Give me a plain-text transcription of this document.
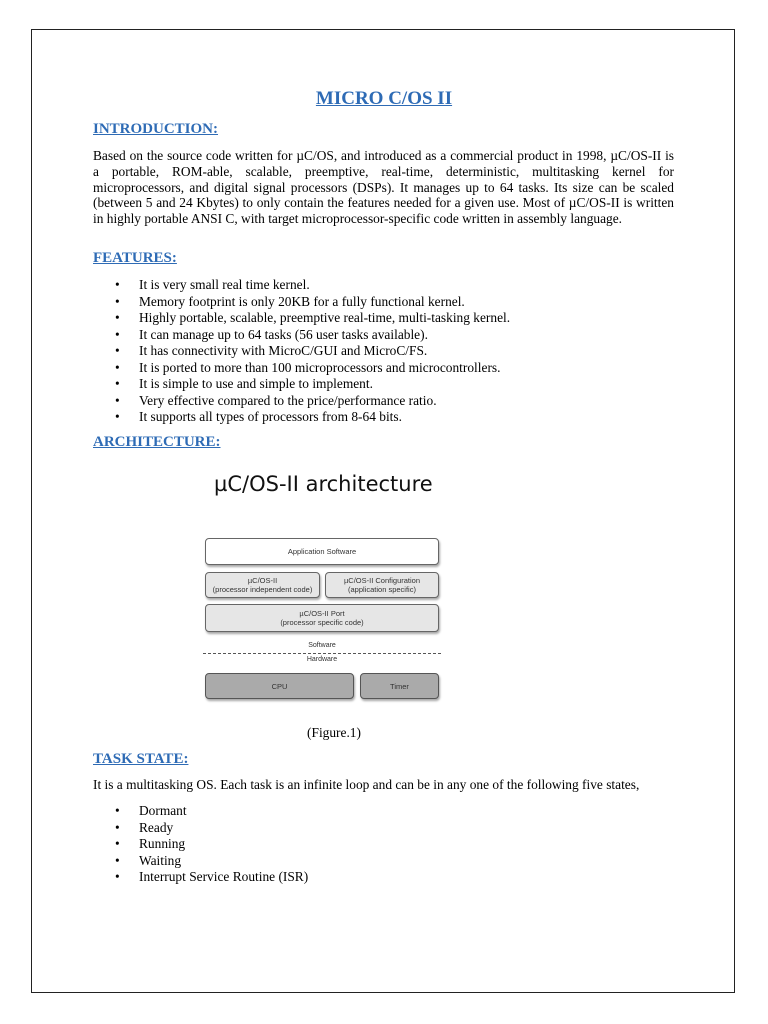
MICRO C/OS II
INTRODUCTION:

Based on the source code written for µC/OS, and introduced as a commercial product in 1998, µC/OS-II is a portable, ROM-able, scalable, preemptive, real-time, deterministic, multitasking kernel for microprocessors, and digital signal processors (DSPs). It manages up to 64 tasks. Its size can be scaled (between 5 and 24 Kbytes) to only contain the features needed for a given use. Most of µC/OS-II is written in highly portable ANSI C, with target microprocessor-specific code written in assembly language.

FEATURES:
• It is very small real time kernel.
• Memory footprint is only 20KB for a fully functional kernel.
• Highly portable, scalable, preemptive real-time, multi-tasking kernel.
• It can manage up to 64 tasks (56 user tasks available).
• It has connectivity with MicroC/GUI and MicroC/FS.
• It is ported to more than 100 microprocessors and microcontrollers.
• It is simple to use and simple to implement.
• Very effective compared to the price/performance ratio.
• It supports all types of processors from 8-64 bits.
ARCHITECTURE:
µC/OS-II architecture
Application Software
µC/OS-II
(processor independent code)
µC/OS-II Configuration
(application specific)
µC/OS-II Port
(processor specific code)
Software
Hardware
CPU	Timer
(Figure.1)
TASK STATE:

It is a multitasking OS. Each task is an infinite loop and can be in any one of the following five states,

• Dormant
• Ready
• Running
• Waiting
• Interrupt Service Routine (ISR)
